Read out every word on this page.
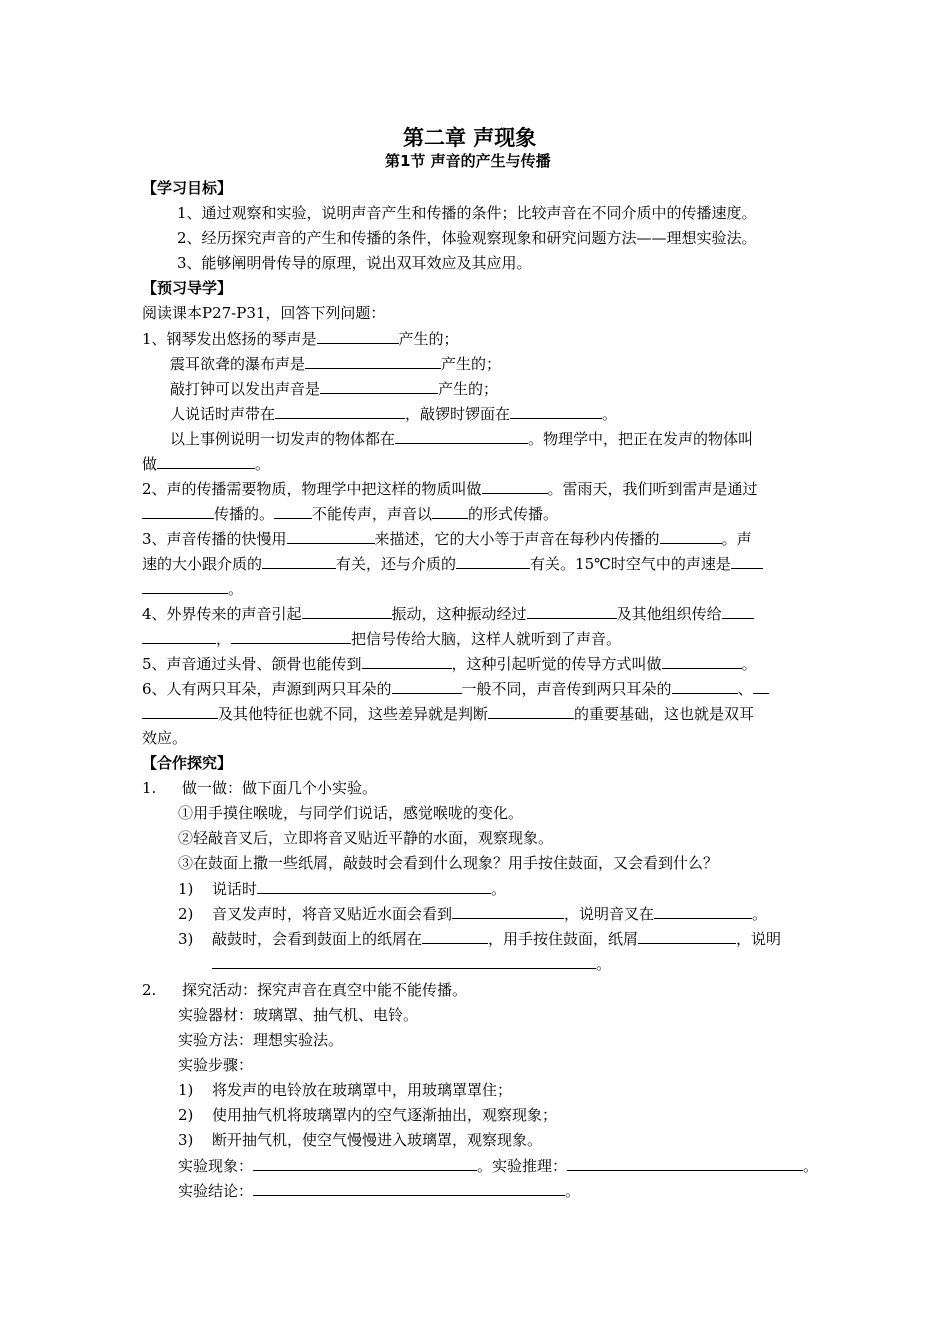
第二章 声现象
第1节 声音的产生与传播
【学习目标】
1、通过观察和实验，说明声音产生和传播的条件；比较声音在不同介质中的传播速度。
2、经历探究声音的产生和传播的条件，体验观察现象和研究问题方法——理想实验法。
3、能够阐明骨传导的原理，说出双耳效应及其应用。
【预习导学】
阅读课本P27-P31，回答下列问题：
1、钢琴发出悠扬的琴声是	产生的；
震耳欲聋的瀑布声是	产生的；
敲打钟可以发出声音是	产生的；
人说话时声带在	，敲锣时锣面在	。
以上事例说明一切发声的物体都在	。物理学中，把正在发声的物体叫
做	。
2、声的传播需要物质，物理学中把这样的物质叫做	。雷雨天，我们听到雷声是通过
传播的。	不能传声，声音以 的形式传播。
3、声音传播的快慢用	来描述，它的大小等于声音在每秒内传播的	。声
速的大小跟介质的	有关，还与介质的	有关。15℃时空气中的声速是
。
4、外界传来的声音引起	振动，这种振动经过	及其他组织传给
，	把信号传给大脑，这样人就听到了声音。
5、声音通过头骨、颌骨也能传到	，这种引起听觉的传导方式叫做	。
6、人有两只耳朵，声源到两只耳朵的	一般不同，声音传到两只耳朵的	、
及其他特征也就不同，这些差异就是判断	的重要基础，这也就是双耳
效应。
【合作探究】
1. 做一做：做下面几个小实验。
①用手摸住喉咙，与同学们说话，感觉喉咙的变化。
②轻敲音叉后，立即将音叉贴近平静的水面，观察现象。
③在鼓面上撒一些纸屑，敲鼓时会看到什么现象？用手按住鼓面，又会看到什么？
1) 说话时	。
2) 音叉发声时，将音叉贴近水面会看到	，说明音叉在	。
3) 敲鼓时，会看到鼓面上的纸屑在	，用手按住鼓面，纸屑	，说明
。
2. 探究活动：探究声音在真空中能不能传播。
实验器材：玻璃罩、抽气机、电铃。
实验方法：理想实验法。
实验步骤：
1) 将发声的电铃放在玻璃罩中，用玻璃罩罩住；
2) 使用抽气机将玻璃罩内的空气逐渐抽出，观察现象；
3) 断开抽气机，使空气慢慢进入玻璃罩，观察现象。
实验现象：	。实验推理：	。
实验结论：	。
